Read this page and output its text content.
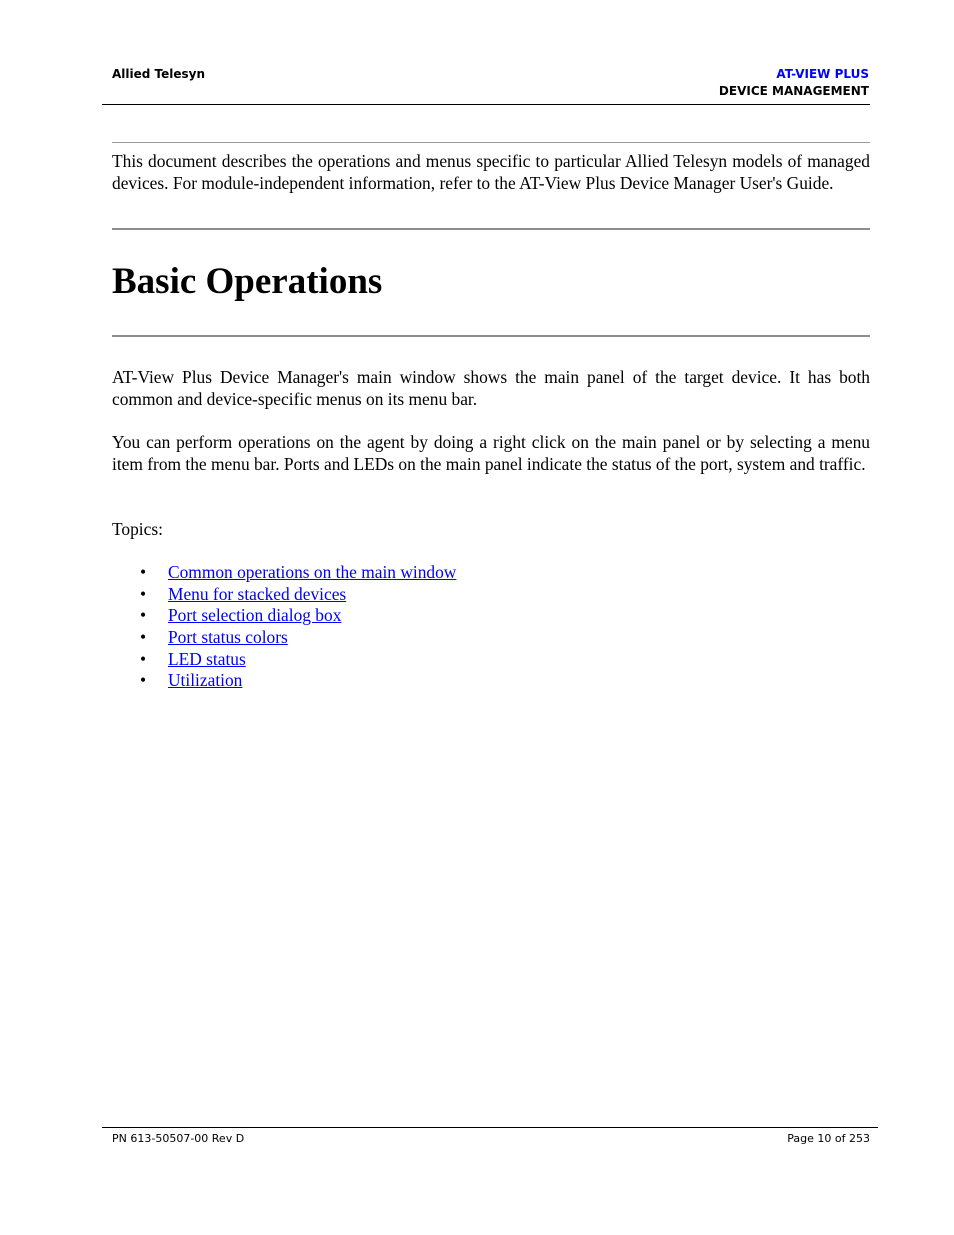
Allied Telesyn	AT-VIEW PLUS
DEVICE MANAGEMENT

This document describes the operations and menus specific to particular Allied Telesyn models of managed devices. For module-independent information, refer to the AT-View Plus Device Manager User's Guide.

Basic Operations

AT-View Plus Device Manager's main window shows the main panel of the target device. It has both common and device-specific menus on its menu bar.

You can perform operations on the agent by doing a right click on the main panel or by selecting a menu item from the menu bar. Ports and LEDs on the main panel indicate the status of the port, system and traffic.

Topics:

• Common operations on the main window
• Menu for stacked devices
• Port selection dialog box
• Port status colors
• LED status
• Utilization
PN 613-50507-00 Rev D	Page 10 of 253
